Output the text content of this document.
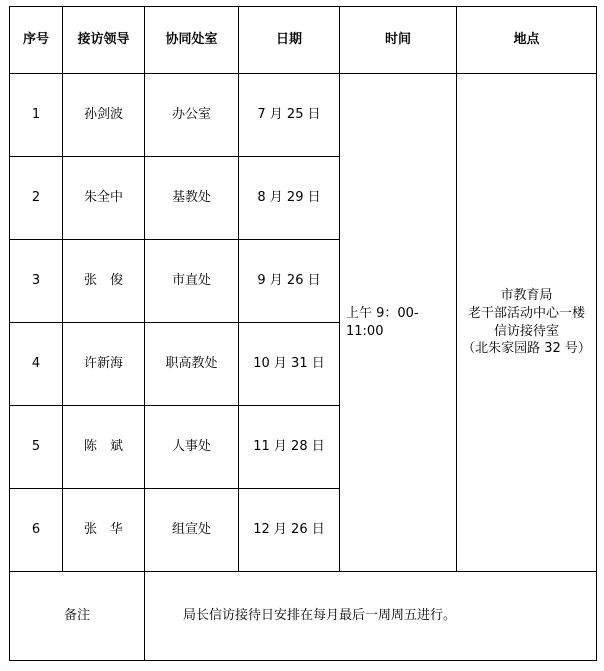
序号	接访领导	协同处室	日期	时间	地点
1	孙剑波	办公室	7 月 25 日	上午 9：00-11:00	市教育局
老干部活动中心一楼
信访接待室
（北朱家园路 32 号）

2	朱全中	基教处	8 月 29 日		
3	张　俊	市直处	9 月 26 日		
4	许新海	职高教处	10 月 31 日		
5	陈　斌	人事处	11 月 28 日		
6	张　华	组宣处	12 月 26 日		
备注		局长信访接待日安排在每月最后一周周五进行。			
